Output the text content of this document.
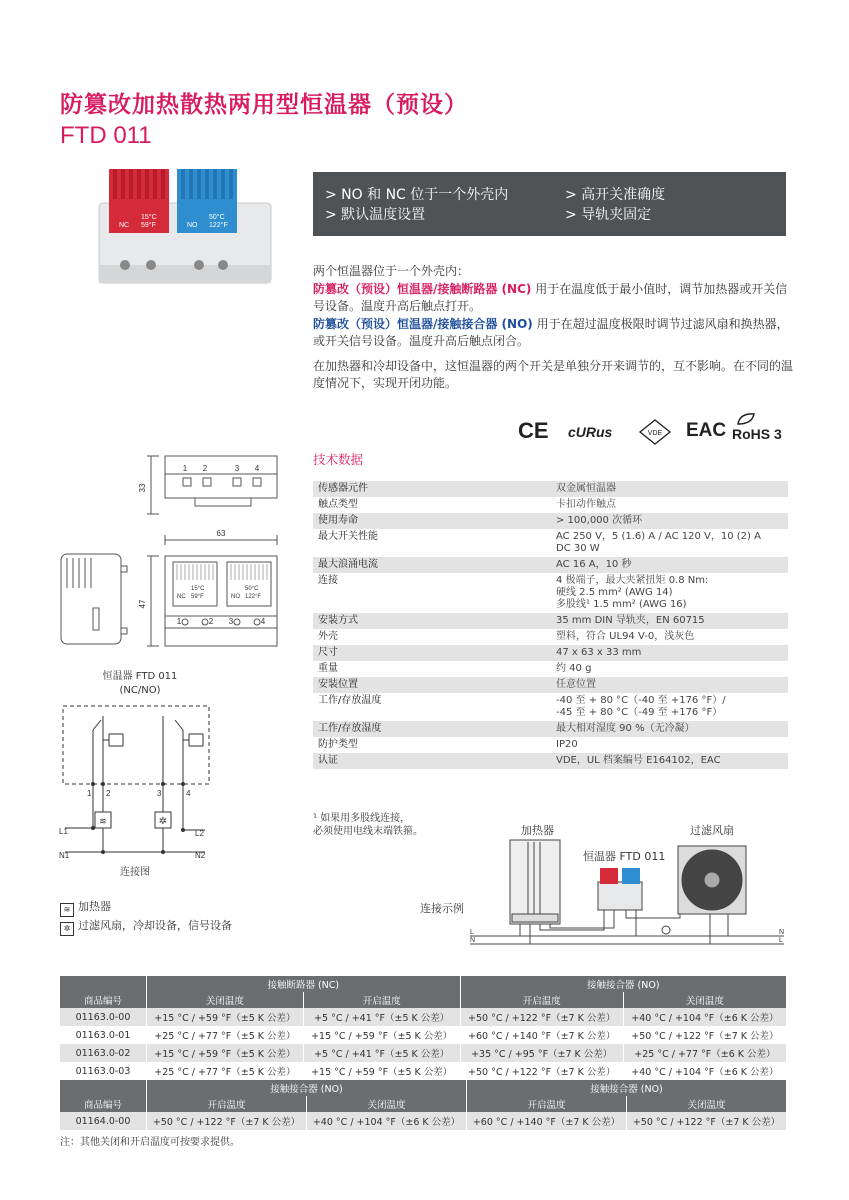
防篡改加热散热两用型恒温器（预设）
FTD 011
15°C
59°F
NC
50°C
122°F
NO
> NO 和 NC 位于一个外壳内
> 默认温度设置
> 高开关准确度
> 导轨夹固定

两个恒温器位于一个外壳内：
防篡改（预设）恒温器/接触断路器 (NC) 用于在温度低于最小值时，调节加热器或开关信号设备。温度升高后触点打开。
防篡改（预设）恒温器/接触接合器 (NO) 用于在超过温度极限时调节过滤风扇和换热器，或开关信号设备。温度升高后触点闭合。

在加热器和冷却设备中，这恒温器的两个开关是单独分开来调节的，互不影响。在不同的温度情况下，实现开闭功能。

CE cURus	VDE EAC RoHS 3
33
63
47
1 2	3 4
1	2 3	4
15°C
59°F
NC
50°C
122°F
NO
恒温器 FTD 011
(NC/NO)
1 2	3	4
L1
N1
L2
N2
≋	✲
连接图
≋ 加热器
✲ 过滤风扇，冷却设备，信号设备
技术数据
传感器元件	双金属恒温器
触点类型	卡扣动作触点
使用寿命	> 100,000 次循环
最大开关性能	AC 250 V，5 (1.6) A / AC 120 V，10 (2) A
DC 30 W
最大浪涌电流	AC 16 A，10 秒
连接	4 极端子，最大夹紧扭矩 0.8 Nm:
硬线 2.5 mm² (AWG 14)
多股线¹ 1.5 mm² (AWG 16)
安装方式	35 mm DIN 导轨夹，EN 60715
外壳	塑料，符合 UL94 V-0，浅灰色
尺寸	47 x 63 x 33 mm
重量	约 40 g
安装位置	任意位置
工作/存放温度	-40 至 + 80 °C（-40 至 +176 °F）/
-45 至 + 80 °C（-49 至 +176 °F）
工作/存放湿度	最大相对湿度 90 %（无冷凝）
防护类型	IP20
认证	VDE，UL 档案编号 E164102，EAC
¹ 如果用多股线连接，
必须使用电线末端铁箍。	加热器	过滤风扇
恒温器 FTD 011
连接示例
L
N
N
L
	接触断路器 (NC)		接触接合器 (NO)	
商品编号	关闭温度	开启温度	开启温度	关闭温度
01163.0-00	+15 °C / +59 °F（±5 K 公差）	+5 °C / +41 °F（±5 K 公差）	+50 °C / +122 °F（±7 K 公差）	+40 °C / +104 °F（±6 K 公差）
01163.0-01	+25 °C / +77 °F（±5 K 公差）	+15 °C / +59 °F（±5 K 公差）	+60 °C / +140 °F（±7 K 公差）	+50 °C / +122 °F（±7 K 公差）
01163.0-02	+15 °C / +59 °F（±5 K 公差）	+5 °C / +41 °F（±5 K 公差）	+35 °C / +95 °F（±7 K 公差）	+25 °C / +77 °F（±6 K 公差）
01163.0-03	+25 °C / +77 °F（±5 K 公差）	+15 °C / +59 °F（±5 K 公差）	+50 °C / +122 °F（±7 K 公差）	+40 °C / +104 °F（±6 K 公差）
	接触接合器 (NO)		接触接合器 (NO)	
商品编号	开启温度	关闭温度	开启温度	关闭温度
01164.0-00	+50 °C / +122 °F（±7 K 公差）	+40 °C / +104 °F（±6 K 公差）	+60 °C / +140 °F（±7 K 公差）	+50 °C / +122 °F（±7 K 公差）
注：其他关闭和开启温度可按要求提供。
